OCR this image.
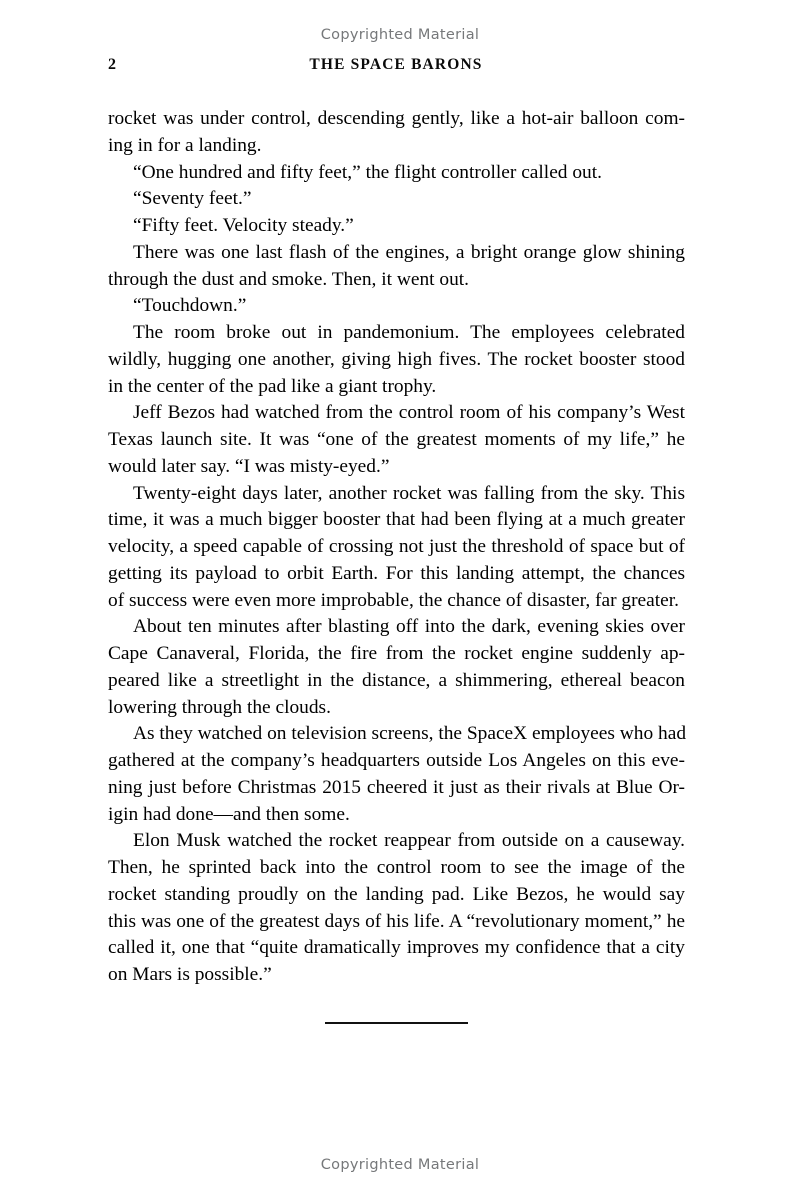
Copyrighted Material
2	THE SPACE BARONS

rocket was under control, descending gently, like a hot-air balloon com-
ing in for a landing.

“One hundred and fifty feet,” the flight controller called out.

“Seventy feet.”

“Fifty feet. Velocity steady.”

There was one last flash of the engines, a bright orange glow shining
through the dust and smoke. Then, it went out.

“Touchdown.”

The room broke out in pandemonium. The employees celebrated
wildly, hugging one another, giving high fives. The rocket booster stood
in the center of the pad like a giant trophy.

Jeff Bezos had watched from the control room of his company’s West
Texas launch site. It was “one of the greatest moments of my life,” he
would later say. “I was misty-eyed.”

Twenty-eight days later, another rocket was falling from the sky. This
time, it was a much bigger booster that had been flying at a much greater
velocity, a speed capable of crossing not just the threshold of space but of
getting its payload to orbit Earth. For this landing attempt, the chances
of success were even more improbable, the chance of disaster, far greater.

About ten minutes after blasting off into the dark, evening skies over
Cape Canaveral, Florida, the fire from the rocket engine suddenly ap-
peared like a streetlight in the distance, a shimmering, ethereal beacon
lowering through the clouds.

As they watched on television screens, the SpaceX employees who had
gathered at the company’s headquarters outside Los Angeles on this eve-
ning just before Christmas 2015 cheered it just as their rivals at Blue Or-
igin had done—and then some.

Elon Musk watched the rocket reappear from outside on a causeway.
Then, he sprinted back into the control room to see the image of the
rocket standing proudly on the landing pad. Like Bezos, he would say
this was one of the greatest days of his life. A “revolutionary moment,” he
called it, one that “quite dramatically improves my confidence that a city
on Mars is possible.”

Copyrighted Material
